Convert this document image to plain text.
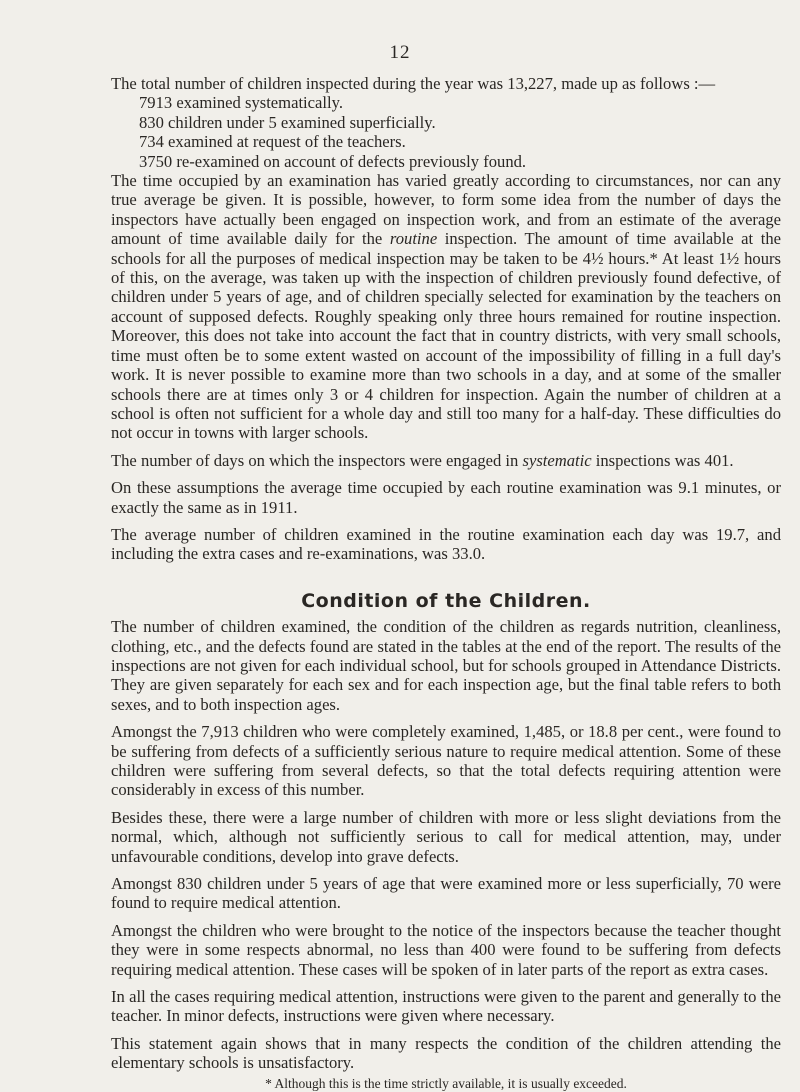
12

The total number of children inspected during the year was 13,227, made up as follows :—

7913 examined systematically.
830 children under 5 examined superficially.
734 examined at request of the teachers.
3750 re-examined on account of defects previously found.

The time occupied by an examination has varied greatly according to circumstances, nor can any true average be given. It is possible, however, to form some idea from the number of days the inspectors have actually been engaged on inspection work, and from an estimate of the average amount of time available daily for the routine inspection. The amount of time available at the schools for all the purposes of medical inspection may be taken to be 4½ hours.* At least 1½ hours of this, on the average, was taken up with the inspection of children previously found defective, of children under 5 years of age, and of children specially selected for examination by the teachers on account of supposed defects. Roughly speaking only three hours remained for routine inspection. Moreover, this does not take into account the fact that in country districts, with very small schools, time must often be to some extent wasted on account of the impossibility of filling in a full day's work. It is never possible to examine more than two schools in a day, and at some of the smaller schools there are at times only 3 or 4 children for inspection. Again the number of children at a school is often not sufficient for a whole day and still too many for a half-day. These difficulties do not occur in towns with larger schools.

The number of days on which the inspectors were engaged in systematic inspections was 401.

On these assumptions the average time occupied by each routine examination was 9.1 minutes, or exactly the same as in 1911.

The average number of children examined in the routine examination each day was 19.7, and including the extra cases and re-examinations, was 33.0.

Condition of the Children.

The number of children examined, the condition of the children as regards nutrition, cleanliness, clothing, etc., and the defects found are stated in the tables at the end of the report. The results of the inspections are not given for each individual school, but for schools grouped in Attendance Districts. They are given separately for each sex and for each inspection age, but the final table refers to both sexes, and to both inspection ages.

Amongst the 7,913 children who were completely examined, 1,485, or 18.8 per cent., were found to be suffering from defects of a sufficiently serious nature to require medical attention. Some of these children were suffering from several defects, so that the total defects requiring attention were considerably in excess of this number.

Besides these, there were a large number of children with more or less slight deviations from the normal, which, although not sufficiently serious to call for medical attention, may, under unfavourable conditions, develop into grave defects.

Amongst 830 children under 5 years of age that were examined more or less superficially, 70 were found to require medical attention.

Amongst the children who were brought to the notice of the inspectors because the teacher thought they were in some respects abnormal, no less than 400 were found to be suffering from defects requiring medical attention. These cases will be spoken of in later parts of the report as extra cases.

In all the cases requiring medical attention, instructions were given to the parent and generally to the teacher. In minor defects, instructions were given where necessary.

This statement again shows that in many respects the condition of the children attending the elementary schools is unsatisfactory.

* Although this is the time strictly available, it is usually exceeded.
